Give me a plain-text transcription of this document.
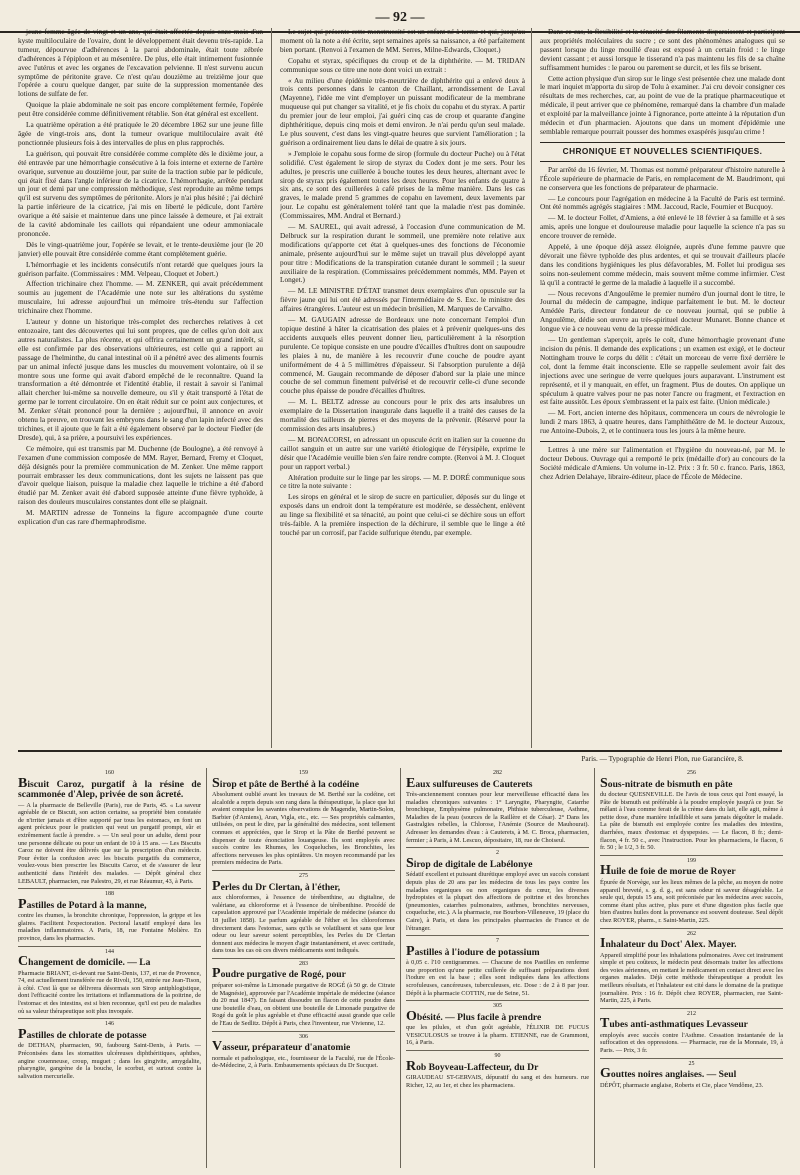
— 92 —

jeune femme âgée de vingt et un ans, qui était affectée depuis onze mois d'un kyste multiloculaire de l'ovaire, dont le développement était devenu très-rapide. La tumeur, dépourvue d'adhérences à la paroi abdominale, était toute zébrée d'adhérences à l'épiploon et au mésentère. De plus, elle était intimement fusionnée avec l'utérus et avec les organes de l'excavation pelvienne. Il n'est survenu aucun symptôme de péritonite grave. Ce n'est qu'au douzième au treizième jour que l'opérée a couru quelque danger, par suite de la suppression momentanée des lotions de sulfate de fer.

Quoique la plaie abdominale ne soit pas encore complétement fermée, l'opérée peut être considérée comme définitivement rétablie. Son état général est excellent.

La quatrième opération a été pratiquée le 20 décembre 1862 sur une jeune fille âgée de vingt-trois ans, dont la tumeur ovarique multiloculaire avait été ponctionnée plusieurs fois à des intervalles de plus en plus rapprochés.

La guérison, qui pouvait être considérée comme complète dès le dixième jour, a été entravée par une hémorrhagie consécutive à la fois interne et externe de l'artère ovarique, survenue au douzième jour, par suite de la traction subie par le pédicule, qui était fixé dans l'angle inférieur de la cicatrice. L'hémorrhagie, arrêtée pendant un jour et demi par une compression méthodique, s'est reproduite au même temps qu'il est survenu des symptômes de péritonite. Alors je n'ai plus hésité ; j'ai déchiré la partie inférieure de la cicatrice, j'ai mis en liberté le pédicule, dont l'artère ovarique a été saisie et maintenue dans une pince laissée à demeure, et j'ai extrait de la cavité abdominale les caillots qui répandaient une odeur ammoniacale prononcée.

Dès le vingt-quatrième jour, l'opérée se levait, et le trente-deuxième jour (le 20 janvier) elle pouvait être considérée comme étant complétement guérie.

L'hémorrhagie et les incidents consécutifs n'ont retardé que quelques jours la guérison parfaite. (Commissaires : MM. Velpeau, Cloquet et Jobert.)

Affection trichinaire chez l'homme. — M. ZENKER, qui avait précédemment soumis au jugement de l'Académie une note sur les altérations du système musculaire, lui adresse aujourd'hui un mémoire très-étendu sur l'affection trichinaire chez l'homme.

L'auteur y donne un historique très-complet des recherches relatives à cet entozoaire, tant des découvertes qui lui sont propres, que de celles qu'on doit aux autres naturalistes. La plus récente, et qui offrira certainement un grand intérêt, si elle est confirmée par des observations ultérieures, est celle qui a rapport au passage de l'helminthe, du canal intestinal où il a pénétré avec des aliments fournis par un animal infecté jusque dans les muscles du mouvement volontaire, où il se montre sous une forme qui avait d'abord empêché de le reconnaître. Quand la transformation a été démontrée et l'identité établie, il restait à savoir si l'animal allait chercher lui-même sa nouvelle demeure, ou s'il y était transporté à l'état de germe par le torrent circulatoire. On en était réduit sur ce point aux conjectures, et M. Zenker s'était prononcé pour la dernière ; aujourd'hui, il annonce en avoir obtenu la preuve, en trouvant les embryons dans le sang d'un lapin infecté avec des trichines, et il ajoute que le fait a été également observé par le docteur Fiedler (de Dresde), qui, à sa prière, a poursuivi les expériences.

Ce mémoire, qui est transmis par M. Duchenne (de Boulogne), a été renvoyé à l'examen d'une commission composée de MM. Rayer, Bernard, Fremy et Cloquet, déjà désignés pour la première communication de M. Zenker. Une même rapport pourrait embrasser les deux communications, dont les sujets ne laissent pas que d'avoir quelque liaison, puisque la maladie chez laquelle le trichine a été d'abord étudié par M. Zenker avait été d'abord supposée atteinte d'une fièvre typhoïde, à raison des douleurs musculaires constantes dont elle se plaignait.

M. MARTIN adresse de Tonneins la figure accompagnée d'une courte explication d'un cas rare d'hermaphrodisme.

Le sujet qui présente cette monstruosité est un enfant né à terme et qui, jusqu'au moment où la note a été écrite, sept semaines après sa naissance, a été parfaitement bien portant. (Renvoi à l'examen de MM. Serres, Milne-Edwards, Cloquet.)

Copahu et styrax, spécifiques du croup et de la diphthérite. — M. TRIDAN communique sous ce titre une note dont voici un extrait :

« Au milieu d'une épidémie très-meurtrière de diphthérite qui a enlevé deux à trois cents personnes dans le canton de Chaillant, arrondissement de Laval (Mayenne), l'idée me vint d'employer un puissant modificateur de la membrane muqueuse qui put changer sa vitalité, et je fis choix du copahu et du styrax. A partir du premier jour de leur emploi, j'ai guéri cinq cas de croup et quarante d'angine diphthéritique, depuis cinq mois et demi environ. Je n'ai perdu qu'un seul malade. Le plus souvent, c'est dans les vingt-quatre heures que survient l'amélioration ; la guérison a ordinairement lieu dans le délai de quatre à six jours.

» J'emploie le copahu sous forme de sirop (formule du docteur Puche) ou à l'état solidifié. C'est également le sirop de styrax du Codex dont je me sers. Pour les adultes, je prescris une cuillerée à bouche toutes les deux heures, alternant avec le sirop de styrax pris également toutes les deux heures. Pour les enfants de quatre à six ans, ce sont des cuillerées à café prises de la même manière. Dans les cas graves, le malade prend 5 grammes de copahu en lavement, deux lavements par jour. Le copahu est généralement toléré tant que la maladie n'est pas dominée. (Commissaires, MM. Andral et Bernard.)

— M. SAUREL, qui avait adressé, à l'occasion d'une communication de M. Delbruck sur la respiration durant le sommeil, une première note relative aux modifications qu'apporte cet état à quelques-unes des fonctions de l'économie animale, présente aujourd'hui sur le même sujet un travail plus développé ayant pour titre : Modifications de la transpiration cutanée durant le sommeil ; la sueur auxiliaire de la respiration. (Commissaires précédemment nommés, MM. Payen et Longet.)

— M. LE MINISTRE D'ÉTAT transmet deux exemplaires d'un opuscule sur la fièvre jaune qui lui ont été adressés par l'intermédiaire de S. Exc. le ministre des affaires étrangères. L'auteur est un médecin brésilien, M. Marques de Carvalho.

— M. GAUGAIN adresse de Bordeaux une note concernant l'emploi d'un topique destiné à hâter la cicatrisation des plaies et à prévenir quelques-uns des accidents auxquels elles peuvent donner lieu, particulièrement à la résorption purulente. Ce topique consiste en une poudre d'écailles d'huîtres dont on saupoudre les plaies à nu, de manière à les recouvrir d'une couche de poudre ayant uniformément de 4 à 5 millimètres d'épaisseur. Si l'absorption purulente a déjà commencé, M. Gaugain recommande de déposer d'abord sur la plaie une mince couche de sel commun finement pulvérisé et de recouvrir celle-ci d'une seconde couche plus épaisse de poudre d'écailles d'huîtres.

— M. L. BELTZ adresse au concours pour le prix des arts insalubres un exemplaire de la Dissertation inaugurale dans laquelle il a traité des causes de la mortalité des tailleurs de pierres et des moyens de la prévenir. (Réservé pour la commission des arts insalubres.)

— M. BONACORSI, en adressant un opuscule écrit en italien sur la couenne du caillot sanguin et un autre sur une variété étiologique de l'érysipèle, exprime le désir que l'Académie veuille bien s'en faire rendre compte. (Renvoi à M. J. Cloquet pour un rapport verbal.)

Altération produite sur le linge par les sirops. — M. P. DORÉ communique sous ce titre la note suivante :

Les sirops en général et le sirop de sucre en particulier, déposés sur du linge et exposés dans un endroit dont la température est modérée, se dessèchent, enlèvent au linge sa flexibilité et sa ténacité, au point que celui-ci se déchire sous un effort très-faible. A la première inspection de la déchirure, il semble que le linge a été touché par un corrosif, par l'acide sulfurique étendu, par exemple.

Dans ce cas, la flexibilité et la ténacité des filaments disparaissent et participent aux propriétés moléculaires du sucre ; ce sont des phénomènes analogues qui se passent lorsque du linge mouillé d'eau est exposé à un certain froid : le linge devient cassant ; et aussi lorsque le tisserand n'a pas maintenu les fils de sa chaîne suffisamment humides : le parou ou parement se durcit, et les fils se brisent.

Cette action physique d'un sirop sur le linge s'est présentée chez une malade dont le mari inquiet m'apporta du sirop de Tolu à examiner. J'ai cru devoir consigner ces résultats de mes recherches, car, au point de vue de la pratique pharmaceutique et médicale, il peut arriver que ce phénomène, remarqué dans la chambre d'un malade et exploité par la malveillance jointe à l'ignorance, porte atteinte à la réputation d'un médecin et d'un pharmacien. Ajoutons que dans un moment d'épidémie une semblable remarque pourrait pousser des hommes exaspérés jusqu'au crime !

CHRONIQUE ET NOUVELLES SCIENTIFIQUES.

Par arrêté du 16 février, M. Thomas est nommé préparateur d'histoire naturelle à l'École supérieure de pharmacie de Paris, en remplacement de M. Baudrimont, qui ne conservera que les fonctions de préparateur de pharmacie.

— Le concours pour l'agrégation en médecine à la Faculté de Paris est terminé. Ont été nommés agrégés stagiaires : MM. Jaccoud, Racle, Fournier et Bucquoy.

— M. le docteur Follet, d'Amiens, a été enlevé le 18 février à sa famille et à ses amis, après une longue et douloureuse maladie pour laquelle la science n'a pas su encore trouver de remède.

Appelé, à une époque déjà assez éloignée, auprès d'une femme pauvre que dévorait une fièvre typhoïde des plus ardentes, et qui se trouvait d'ailleurs placée dans les conditions hygiéniques les plus défavorables, M. Follet lui prodigua ses soins non-seulement comme médecin, mais souvent même comme infirmier. C'est là qu'il a contracté le germe de la maladie à laquelle il a succombé.

— Nous recevons d'Angoulême le premier numéro d'un journal dont le titre, le Journal du médecin de campagne, indique parfaitement le but. M. le docteur Amédée Paris, directeur fondateur de ce nouveau journal, qui se publie à Angoulême, dédie son œuvre au très-spirituel docteur Munaret. Bonne chance et longue vie à ce nouveau venu de la presse médicale.

— Un gentleman s'aperçoit, après le coït, d'une hémorrhagie provenant d'une incision du pénis. Il demande des explications ; un examen est exigé, et le docteur Nottingham trouve le corps du délit : c'était un morceau de verre fixé derrière le col, dont la femme était inconsciente. Elle se rappelle seulement avoir fait des injections avec une seringue de verre quelques jours auparavant. L'instrument est représenté, et il y manquait, en effet, un fragment. Plus de doutes. On applique un spéculum à quatre valves pour ne pas noter l'ancre ou fragment, et l'extraction en est faite aussitôt. Les époux s'embrassent et la paix est faite. (Union médicale.)

— M. Fort, ancien interne des hôpitaux, commencera un cours de névrologie le lundi 2 mars 1863, à quatre heures, dans l'amphithéâtre de M. le docteur Auzoux, rue Antoine-Dubois, 2, et le continuera tous les jours à la même heure.

Lettres à une mère sur l'alimentation et l'hygiène du nouveau-né, par M. le docteur Debous. Ouvrage qui a remporté le prix (médaille d'or) au concours de la Société médicale d'Amiens. Un volume in-12. Prix : 3 fr. 50 c. franco. Paris, 1863, chez Adrien Delahaye, libraire-éditeur, place de l'École de Médecine.

Paris. — Typographie de Henri Plon, rue Garancière, 8.
160
Biscuit Caroz, purgatif à la résine de scammonée d'Alep, privée de son âcreté.
— A la pharmacie de Belleville (Paris), rue de Paris, 45. « La saveur agréable de ce Biscuit, son action certaine, sa propriété bien constatée de n'irriter jamais et d'être supporté par tous les estomacs, en font un agent précieux pour le praticien qui veut un purgatif prompt, sûr et extrêmement facile à prendre. » — Un seul pour un adulte, demi pour une personne délicate ou pour un enfant de 10 à 15 ans. — Les Biscuits Caroz ne doivent être délivrés que sur la prescription d'un médecin. Pour éviter la confusion avec les biscuits purgatifs du commerce, voulez-vous bien prescrire les Biscuits Caroz, et de s'assurer de leur authenticité dans l'intérêt des malades. — Dépôt général chez LEBAULT, pharmacien, rue Palestro, 29, et rue Réaumur, 43, à Paris.
188
Pastilles de Potard à la manne,
contre les rhumes, la bronchite chronique, l'oppression, la grippe et les glaires. Facilitent l'expectoration. Pectoral laxatif employé dans les maladies inflammatoires. A Paris, 18, rue Fontaine Molière. En province, dans les pharmacies.
144
Changement de domicile. — La
Pharmacie BRIANT, ci-devant rue Saint-Denis, 137, et rue de Provence, 74, est actuellement transférée rue de Rivoli, 150, entrée rue Jean-Tison, à côté. C'est là que se délivrera désormais son Sirop antiphlogistique, dont l'efficacité contre les irritations et inflammations de la poitrine, de l'estomac et des intestins, est si bien reconnue, qu'il est peu de maladies où sa valeur thérapeutique soit plus invoquée.
146
Pastilles de chlorate de potasse
de DETHAN, pharmacien, 90, faubourg Saint-Denis, à Paris. — Préconisées dans les stomatites ulcéreuses diphthéritiques, aphthes, angine couenneuse, croup, muguet ; dans les gingivite, amygdalite, pharyngite, gangrène de la bouche, le scorbut, et surtout contre la salivation mercurielle.
159
Sirop et pâte de Berthé à la codéine
Absolument oublié avant les travaux de M. Berthé sur la codéine, cet alcaloïde a repris depuis son rang dans la thérapeutique, la place que lui avaient conquise les savantes observations de Magendie, Martin-Solon, Barbier (d'Amiens), Aran, Vigla, etc., etc. — Ses propriétés calmantes, utilisées, on peut le dire, par la généralité des médecins, sont tellement connues et appréciées, que le Sirop et la Pâte de Berthé peuvent se dispenser de toute énonciation louangeuse. Ils sont employés avec succès contre les Rhumes, les Coqueluches, les Bronchites, les affections nerveuses les plus opiniâtres. Un moyen recommandé par les premiers médecins de Paris.
275
Perles du Dr Clertan, à l'éther,
aux chloroformes, à l'essence de térébenthine, au digitaline, de valériane, au chloroforme et à l'essence de térébenthine. Procédé de capsulation approuvé par l'Académie impériale de médecine (séance du 18 juillet 1858). Le parfum agréable de l'éther et les chloroformes directement dans l'estomac, sans qu'ils se volatilisent et sans que leur odeur ou leur saveur soient perceptibles, les Perles du Dr Clertan donnent aux médecins le moyen d'agir instantanément, et avec certitude, dans tous les cas où ces divers médicaments sont indiqués.
283
Poudre purgative de Rogé, pour
préparer soi-même la Limonade purgative de ROGÉ (à 50 gr. de Citrate de Magnésie), approuvée par l'Académie impériale de médecine (séance du 20 mai 1847). En faisant dissoudre un flacon de cette poudre dans une bouteille d'eau, on obtient une bouteille de Limonade purgative de Rogé du goût le plus agréable et d'une efficacité aussi grande que celle de l'Eau de Sedlitz. Dépôt à Paris, chez l'inventeur, rue Vivienne, 12.
306
Vasseur, préparateur d'anatomie
normale et pathologique, etc., fournisseur de la Faculté, rue de l'École-de-Médecine, 2, à Paris. Embaumements spéciaux du Dr Sucquet.
282
Eaux sulfureuses de Cauterets
Très-anciennement connues pour leur merveilleuse efficacité dans les maladies chroniques suivantes : 1° Laryngite, Pharyngite, Catarrhe bronchique, Emphysème pulmonaire, Phthisie tuberculeuse, Asthme, Maladies de la peau (sources de la Raillère et de César). 2° Dans les Gastralgies rebelles, la Chlorose, l'Anémie (Source de Mauhourat). Adresser les demandes d'eau : à Cauterets, à M. C. Broca, pharmacien, fermier ; à Paris, à M. Lescuo, dépositaire, 18, rue de Choiseul.
2
Sirop de digitale de Labélonye
Sédatif excellent et puissant diurétique employé avec un succès constant depuis plus de 20 ans par les médecins de tous les pays contre les maladies organiques ou non organiques du cœur, les diverses hydropisies et la plupart des affections de poitrine et des bronches (pneumonies, catarrhes pulmonaires, asthmes, bronchites nerveuses, coqueluche, etc.). A la pharmacie, rue Bourbon-Villeneuve, 19 (place du Caire), à Paris, et dans les principales pharmacies de France et de l'étranger.
7
Pastilles à l'iodure de potassium
à 0,05 c. l'10 centigrammes. — Chacune de nos Pastilles en renferme une proportion qu'une petite cuillerée de suffisant préparations dont l'iodure en est la base ; elles sont indiquées dans les affections scrofuleuses, cancéreuses, tuberculeuses, etc. Dose : de 2 à 8 par jour. Dépôt à la pharmacie COTTIN, rue de Seine, 51.
305
Obésité. — Plus facile à prendre
que les pilules, et d'un goût agréable, l'ÉLIXIR DE FUCUS VESICULOSUS se trouve à la pharm. ETIENNE, rue de Grammont, 16, à Paris.
90
Rob Boyveau-Laffecteur, du Dr
GIRAUDEAU ST-GERVAIS, dépuratif du sang et des humeurs. rue Richer, 12, au 1er, et chez les pharmaciens.
256
Sous-nitrate de bismuth en pâte
du docteur QUESNEVILLE. De l'avis de tous ceux qui l'ont essayé, la Pâte de bismuth est préférable à la poudre employée jusqu'à ce jour. Se mêlant à l'eau comme ferait de la crème dans du lait, elle agit, même à petite dose, d'une manière infaillible et sans jamais dégoûter le malade. La pâte de bismuth est employée contre les maladies des intestins, diarrhées, maux d'estomac et dyspepsies. — Le flacon, 8 fr.; demi-flacon, 4 fr. 50 c., avec l'instruction. Pour les pharmaciens, le flacon, 6 fr. 50 ; le 1/2, 3 fr. 50.
199
Huile de foie de morue de Royer
Épurée de Norvège, sur les lieux mêmes de la pêche, au moyen de notre appareil breveté, s. g. d. g., est sans odeur ni saveur désagréable. Le seule qui, depuis 15 ans, soit préconisée par les médecins avec succès, comme étant plus active, plus pure et d'une digestion plus facile que bien d'autres huiles dont la provenance est souvent douteuse. Seul dépôt chez ROYER, pharm., r. Saint-Martin, 225.
262
Inhalateur du Doct' Alex. Mayer.
Appareil simplifié pour les inhalations pulmonaires. Avec cet instrument simple et peu coûteux, le médecin peut désormais traiter les affections des voies aériennes, en mettant le médicament en contact direct avec les organes malades. Déjà cette méthode thérapeutique a produit les meilleurs résultats, et l'inhalateur est cité dans le domaine de la pratique journalière. Prix : 16 fr. Dépôt chez ROYER, pharmacien, rue Saint-Martin, 225, à Paris.
212
Tubes anti-asthmatiques Levasseur
employés avec succès contre l'Asthme. Cessation instantanée de la suffocation et des oppressions. — Pharmacie, rue de la Monnaie, 19, à Paris. — Prix, 3 fr.
25
Gouttes noires anglaises. — Seul
DÉPÔT, pharmacie anglaise, Roberts et Cie, place Vendôme, 23.
